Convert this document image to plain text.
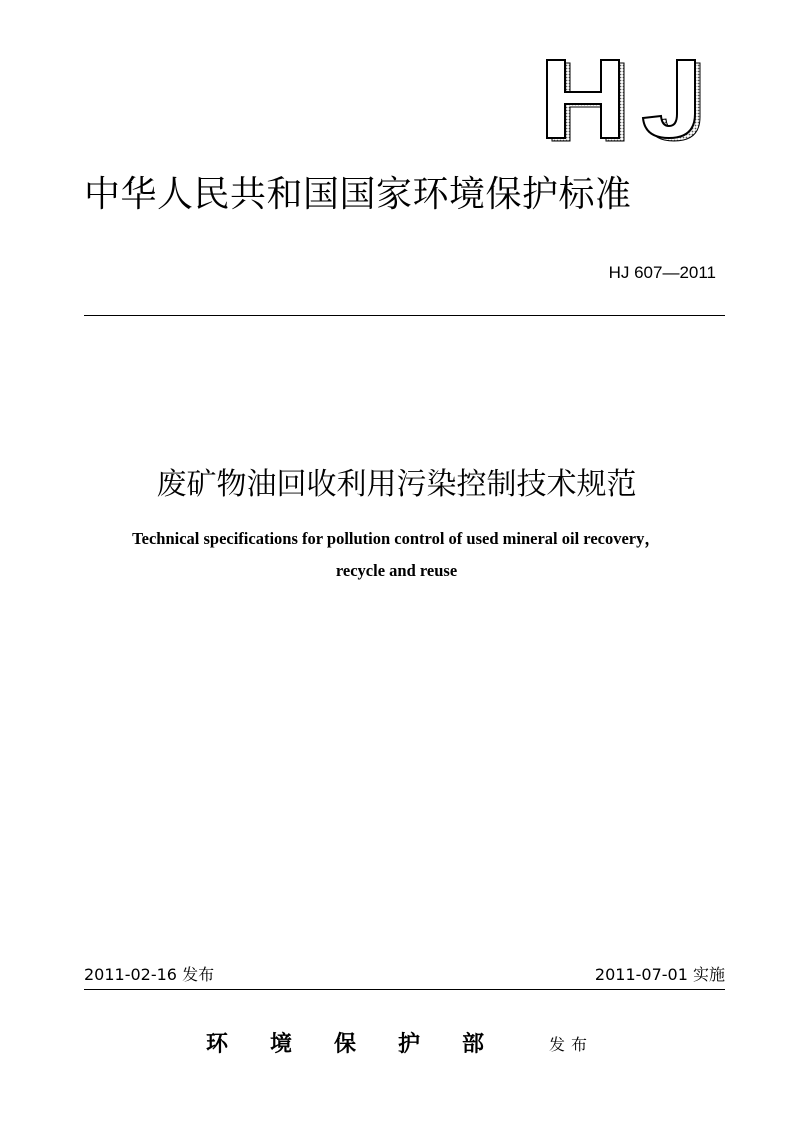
中华人民共和国国家环境保护标准
HJ 607—2011
废矿物油回收利用污染控制技术规范
Technical specifications for pollution control of used mineral oil recovery，
recycle and reuse
2011-02-16 发布	2011-07-01 实施
环境保护部 发布
